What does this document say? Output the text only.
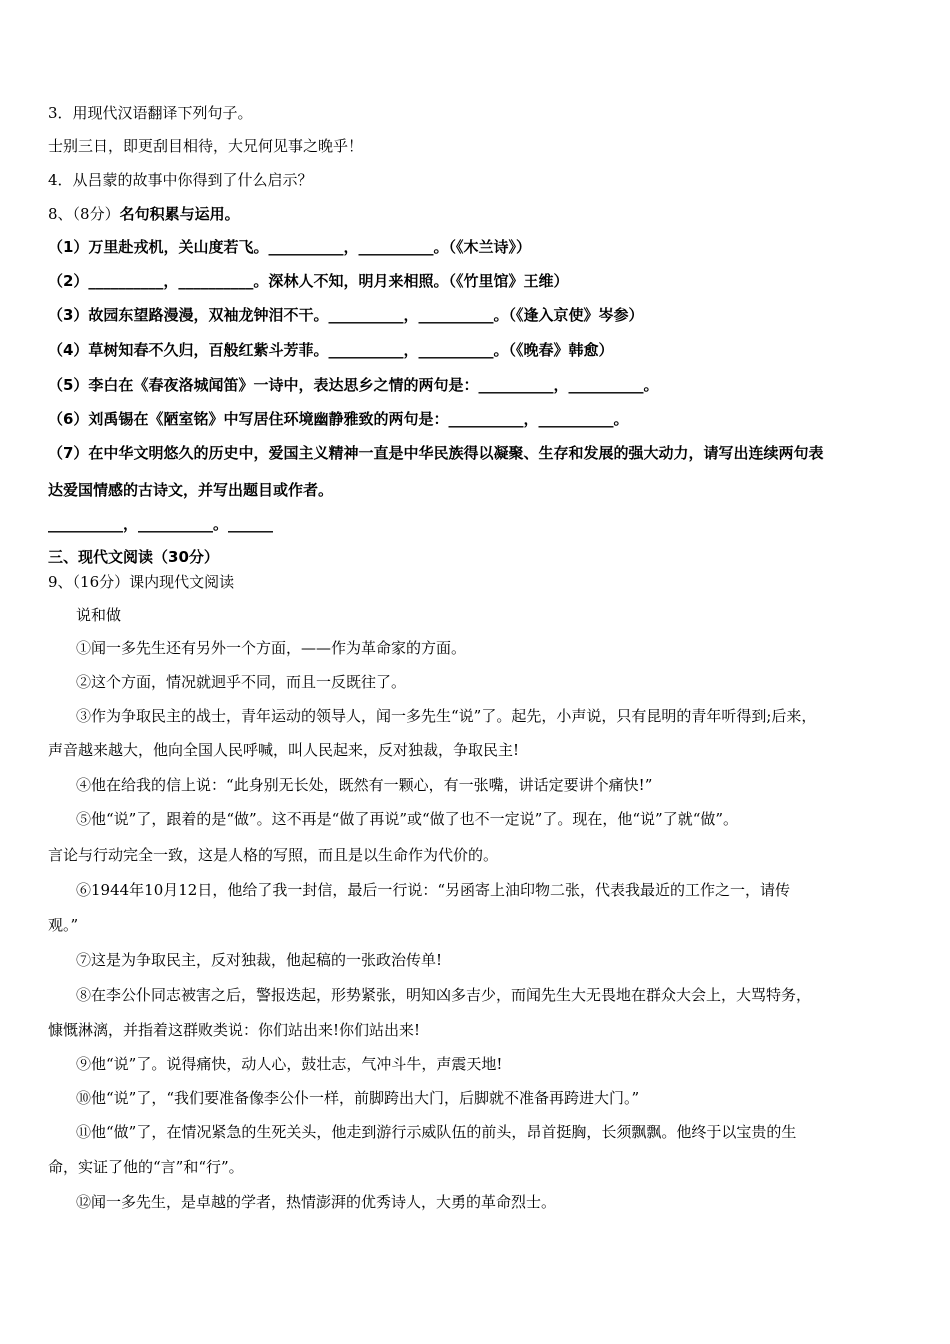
3．用现代汉语翻译下列句子。
士别三日，即更刮目相待，大兄何见事之晚乎！
4．从吕蒙的故事中你得到了什么启示？
8、（8分）名句积累与运用。
（1）万里赴戎机，关山度若飞。__________，__________。（《木兰诗》）
（2）__________，__________。深林人不知，明月来相照。（《竹里馆》王维）
（3）故园东望路漫漫，双袖龙钟泪不干。__________，__________。（《逢入京使》岑参）
（4）草树知春不久归，百般红紫斗芳菲。__________，__________。（《晚春》韩愈）
（5）李白在《春夜洛城闻笛》一诗中，表达思乡之情的两句是：__________，__________。
（6）刘禹锡在《陋室铭》中写居住环境幽静雅致的两句是：__________，__________。
（7）在中华文明悠久的历史中，爱国主义精神一直是中华民族得以凝聚、生存和发展的强大动力，请写出连续两句表
达爱国情感的古诗文，并写出题目或作者。
__________，__________。______
三、现代文阅读（30分）
9、（16分）课内现代文阅读
说和做
①闻一多先生还有另外一个方面，——作为革命家的方面。
②这个方面，情况就迥乎不同，而且一反既往了。
③作为争取民主的战士，青年运动的领导人，闻一多先生“说”了。起先，小声说，只有昆明的青年听得到;后来，
声音越来越大，他向全国人民呼喊，叫人民起来，反对独裁，争取民主!
④他在给我的信上说：“此身别无长处，既然有一颗心，有一张嘴，讲话定要讲个痛快!”
⑤他“说”了，跟着的是“做”。这不再是“做了再说”或“做了也不一定说”了。现在，他“说”了就“做”。
言论与行动完全一致，这是人格的写照，而且是以生命作为代价的。
⑥1944年10月12日，他给了我一封信，最后一行说：“另函寄上油印物二张，代表我最近的工作之一，请传
观。”
⑦这是为争取民主，反对独裁，他起稿的一张政治传单!
⑧在李公仆同志被害之后，警报迭起，形势紧张，明知凶多吉少，而闻先生大无畏地在群众大会上，大骂特务，
慷慨淋漓，并指着这群败类说：你们站出来!你们站出来!
⑨他“说”了。说得痛快，动人心，鼓壮志，气冲斗牛，声震天地!
⑩他“说”了，“我们要准备像李公仆一样，前脚跨出大门，后脚就不准备再跨进大门。”
⑪他“做”了，在情况紧急的生死关头，他走到游行示威队伍的前头，昂首挺胸，长须飘飘。他终于以宝贵的生
命，实证了他的“言”和“行”。
⑫闻一多先生，是卓越的学者，热情澎湃的优秀诗人，大勇的革命烈士。
